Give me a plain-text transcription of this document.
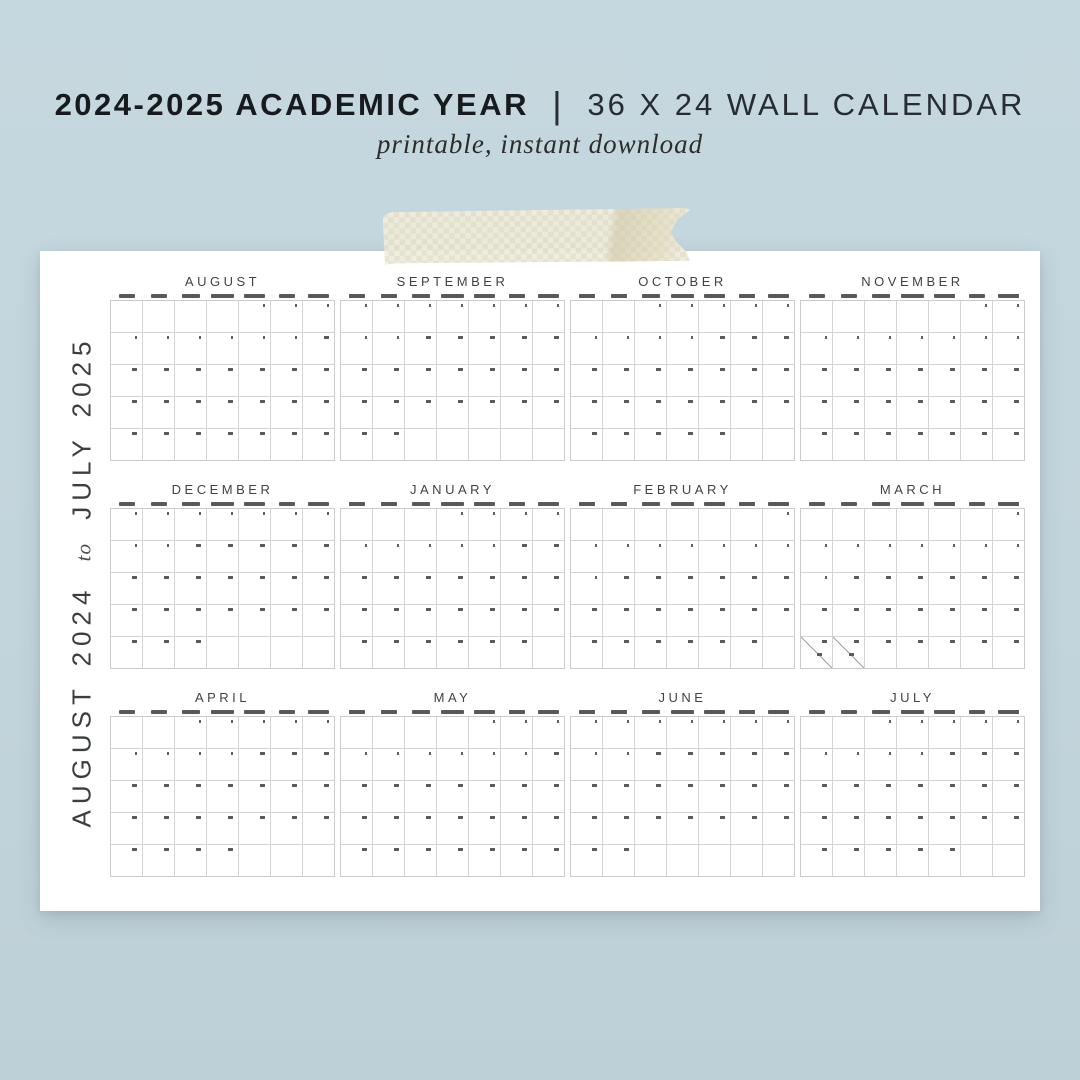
2024-2025 ACADEMIC YEAR | 36 X 24 WALL CALENDAR
printable, instant download
AUGUST 2024 to JULY 2025
AUGUST	SEPTEMBER	OCTOBER	NOVEMBER
DECEMBER	JANUARY	FEBRUARY	MARCH
APRIL	MAY	JUNE	JULY
